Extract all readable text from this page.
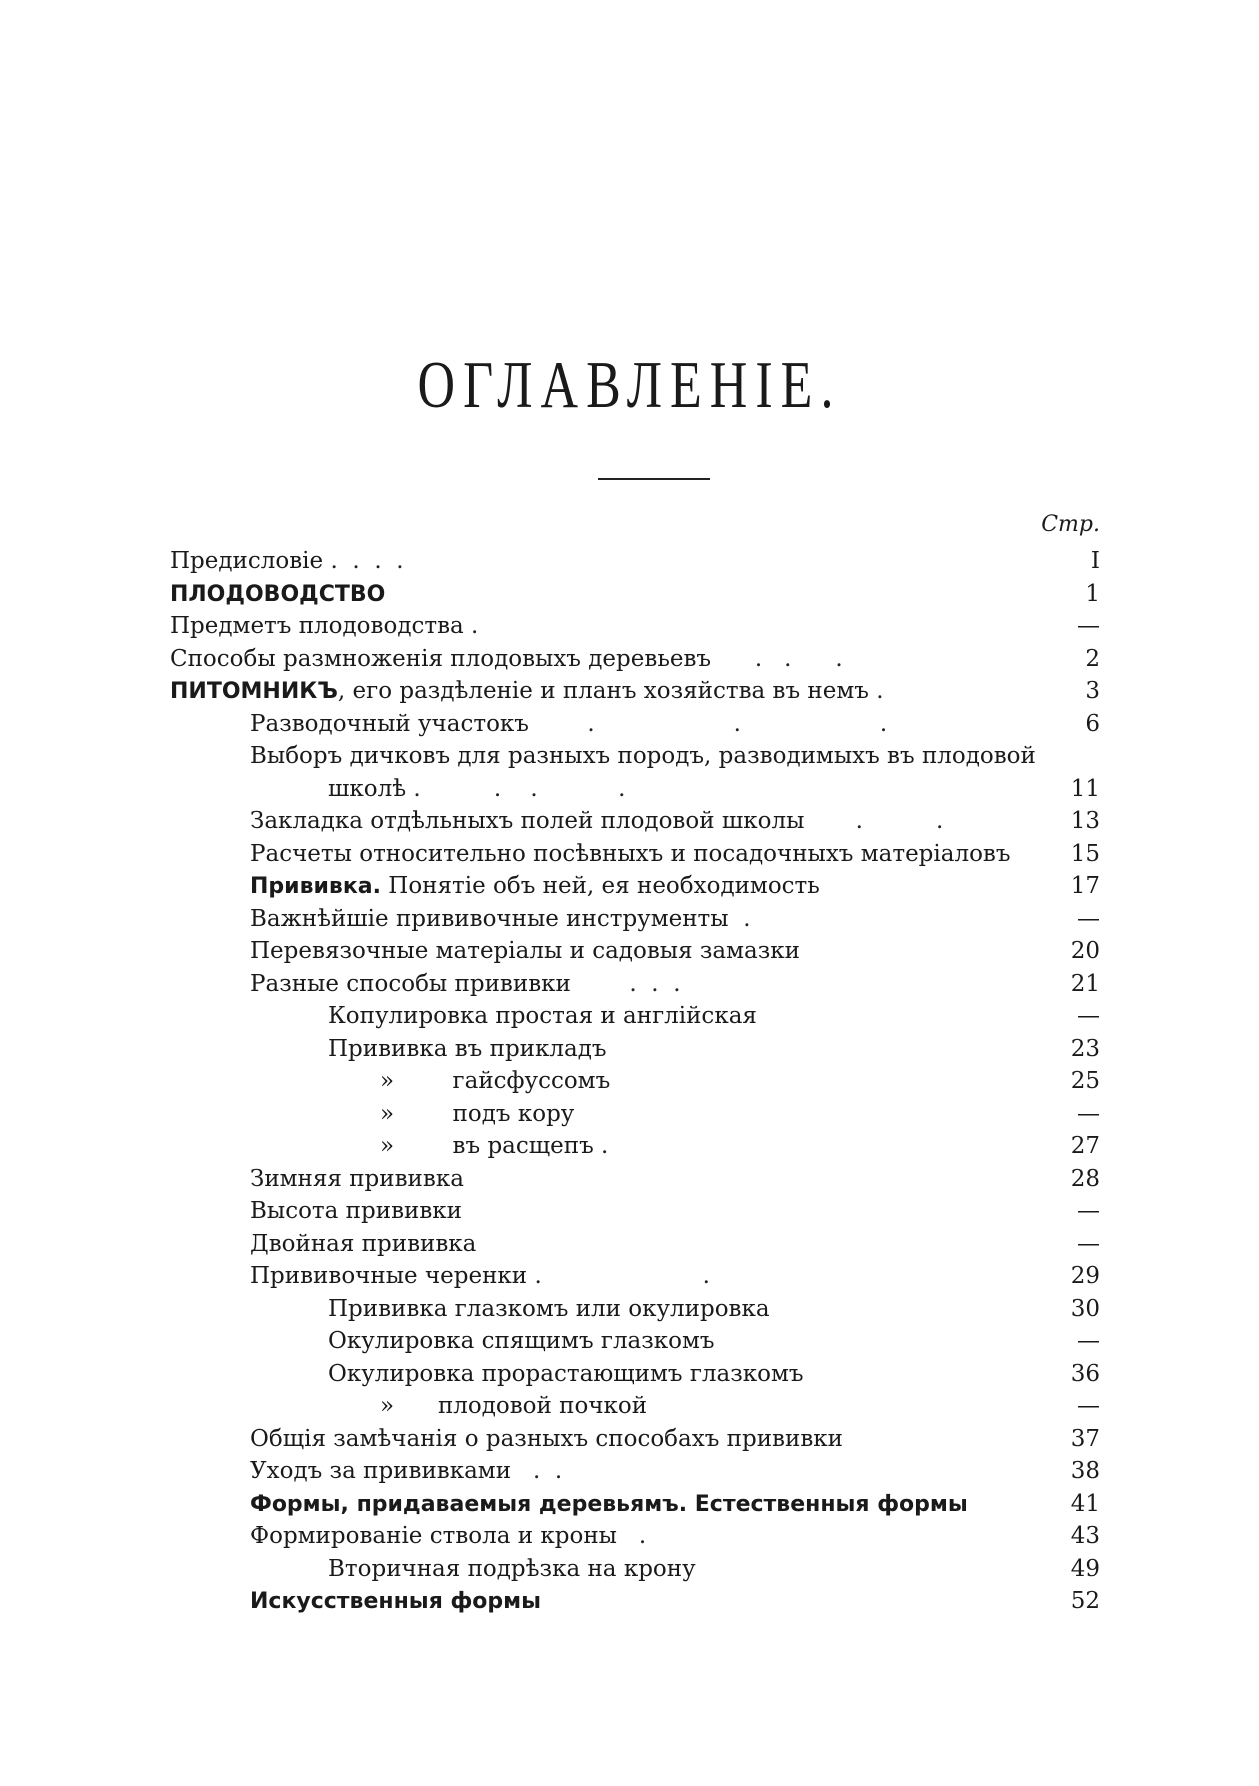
ОГЛАВЛЕНІЕ.
Стр.
Предисловіе .  .  .  .	I
ПЛОДОВОДСТВО	1
Предметъ плодоводства .	—
Способы размноженія плодовыхъ деревьевъ .   .      .	2
ПИТОМНИКЪ, его раздѣленіе и планъ хозяйства въ немъ .	3
Разводочный участокъ .                   .                   .	6
Выборъ дичковъ для разныхъ породъ, разводимыхъ въ плодовой
школѣ .          .    .           .	11
Закладка отдѣльныхъ полей плодовой школы .          .	13
Расчеты относительно посѣвныхъ и посадочныхъ матеріаловъ	15
Прививка. Понятіе объ ней, ея необходимость	17
Важнѣйшіе прививочные инструменты .	—
Перевязочные матеріалы и садовыя замазки	20
Разные способы прививки .  .  .	21
Копулировка простая и англійская	—
Прививка въ прикладъ	23
»        гайсфуссомъ	25
»        подъ кору	—
»        въ расщепъ .	27
Зимняя прививка	28
Высота прививки	—
Двойная прививка	—
Прививочные черенки .                      .	29
Прививка глазкомъ или окулировка	30
Окулировка спящимъ глазкомъ	—
Окулировка прорастающимъ глазкомъ	36
»      плодовой почкой	—
Общія замѣчанія о разныхъ способахъ прививки	37
Уходъ за прививками .  .	38
Формы, придаваемыя деревьямъ. Естественныя формы	41
Формированіе ствола и кроны .	43
Вторичная подрѣзка на крону	49
Искусственныя формы	52
